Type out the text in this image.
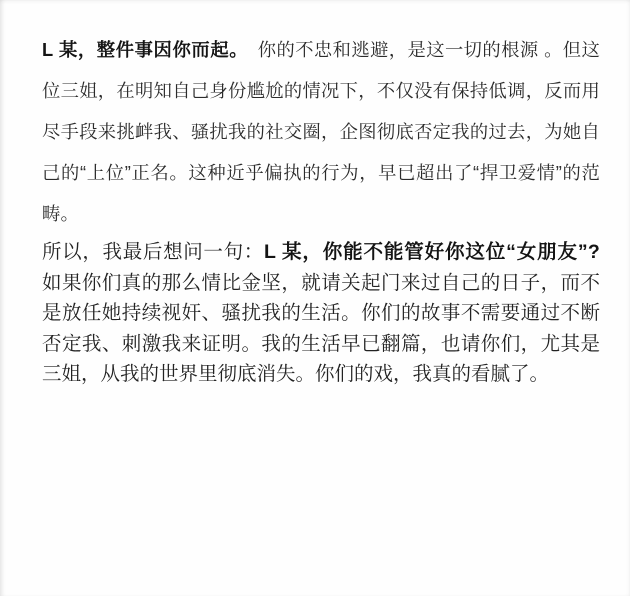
L 某，整件事因你而起。　 你的不忠和逃避，是这一切的根源 。但这位三姐，在明知自己身份尴尬的情况下，不仅没有保持低调，反而用尽手段来挑衅我、骚扰我的社交圈，企图彻底否定我的过去，为她自己的“上位”正名。这种近乎偏执的行为，早已超出了“捍卫爱情”的范畴。

所以，我最后想问一句：L 某，你能不能管好你这位“女朋友”?如果你们真的那么情比金坚，就请关起门来过自己的日子，而不是放任她持续视奸、骚扰我的生活。你们的故事不需要通过不断否定我、刺激我来证明。我的生活早已翻篇，也请你们，尤其是三姐，从我的世界里彻底消失。你们的戏，我真的看腻了。
